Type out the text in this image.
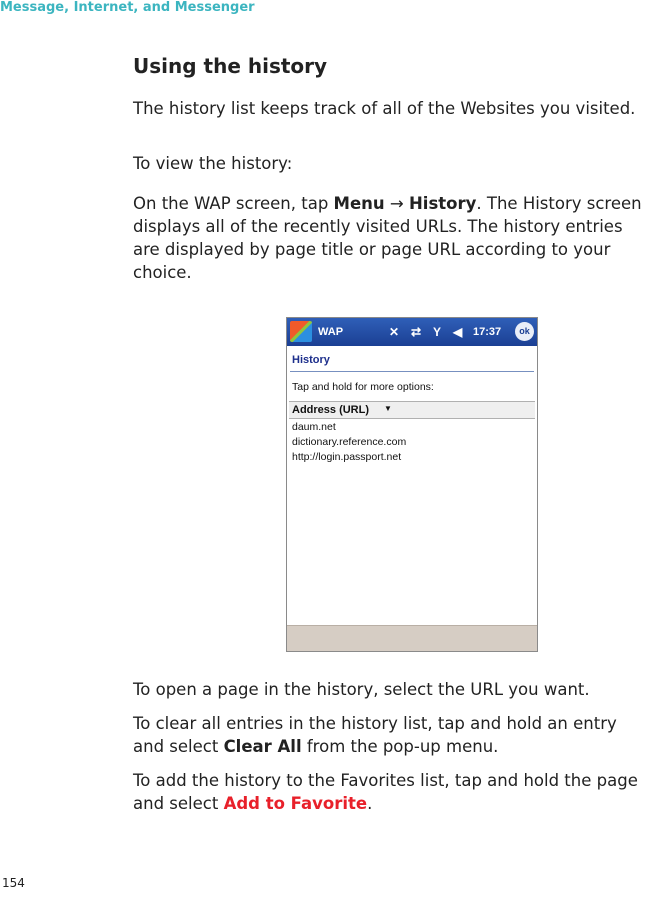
Message, Internet, and Messenger
Using the history

The history list keeps track of all of the Websites you visited.

To view the history:

On the WAP screen, tap Menu → History. The History screen displays all of the recently visited URLs. The history entries are displayed by page title or page URL according to your choice.

WAP	✕ ⇄ Y ◀ 17:37	ok
History
Tap and hold for more options:
Address (URL) ▼
daum.net
dictionary.reference.com
http://login.passport.net

To open a page in the history, select the URL you want.

To clear all entries in the history list, tap and hold an entry and select Clear All from the pop-up menu.

To add the history to the Favorites list, tap and hold the page and select Add to Favorite.

154
